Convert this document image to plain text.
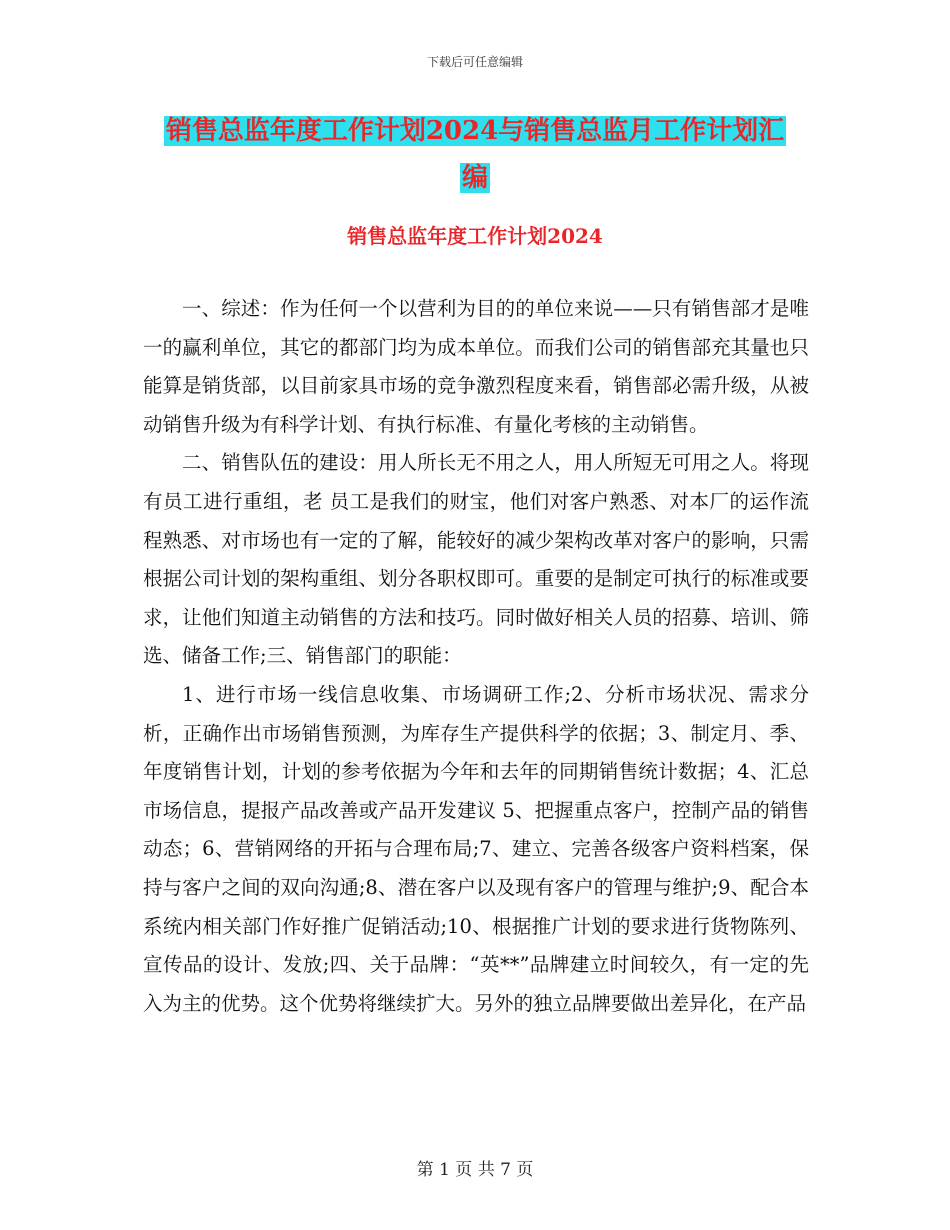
下载后可任意编辑
销售总监年度工作计划2024与销售总监月工作计划汇
编
销售总监年度工作计划2024

一、综述：作为任何一个以营利为目的的单位来说——只有销售部才是唯一的赢利单位，其它的都部门均为成本单位。而我们公司的销售部充其量也只能算是销货部，以目前家具市场的竞争激烈程度来看，销售部必需升级，从被动销售升级为有科学计划、有执行标准、有量化考核的主动销售。

二、销售队伍的建设：用人所长无不用之人，用人所短无可用之人。将现有员工进行重组，老 员工是我们的财宝，他们对客户熟悉、对本厂的运作流程熟悉、对市场也有一定的了解，能较好的减少架构改革对客户的影响，只需根据公司计划的架构重组、划分各职权即可。重要的是制定可执行的标准或要求，让他们知道主动销售的方法和技巧。同时做好相关人员的招募、培训、筛选、储备工作;三、销售部门的职能：

1、进行市场一线信息收集、市场调研工作;2、分析市场状况、需求分析，正确作出市场销售预测，为库存生产提供科学的依据；3、制定月、季、年度销售计划，计划的参考依据为今年和去年的同期销售统计数据；4、汇总市场信息，提报产品改善或产品开发建议 5、把握重点客户，控制产品的销售动态；6、营销网络的开拓与合理布局;7、建立、完善各级客户资料档案，保持与客户之间的双向沟通;8、潜在客户以及现有客户的管理与维护;9、配合本系统内相关部门作好推广促销活动;10、根据推广计划的要求进行货物陈列、宣传品的设计、发放;四、关于品牌：“英**”品牌建立时间较久，有一定的先入为主的优势。这个优势将继续扩大。另外的独立品牌要做出差异化，在产品

第 1 页 共 7 页
